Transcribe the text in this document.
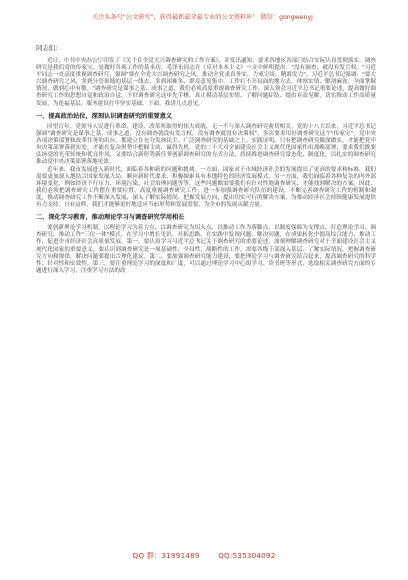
关注头条号"公文研究"，获得最新最全最专业的公文资料库！ 微信：gongwenyj
同志们：

近日，中共中央办公厅印发了《关于在全党大兴调查研究的工作方案》，并发出通知，要求各地区各部门结合实际认真贯彻落实。调查研究是我们党的传家宝，是做好各项工作的基本功。毛泽东同志在《反对本本主义》一文中鲜明提出："没有调查，就没有发言权。"习近平同志一直高度重视调查研究，强调"要在全党大兴调查研究之风，推动全党求真务实、力戒空谈、精准发力"。习近平总书记强调："要大兴调查研究之风，多到分管领域的基层一线去，多到困难多、群众意见集中、工作打不开局面的地方去，体察实情、解剖麻雀，全面掌握情况，做到心中有数。"调查研究是谋事之基、成事之道，我们必须高度重视调查研究工作。深入领会习近平总书记重要论述，提高做好调查研究工作的思想自觉和政治自觉，下好调查研究这步先手棋，真正摸清基层实情、了解问题症结、提出有益见解，切实推动工作高质量发展，为连福基层、服务建设打牢坚实基础。下面，我讲几点意见。

一、提高政治站位，深刻认识调查研究的重要意义

回望百年，党领导人民进行革命、建设、改革所取得的伟大成就，无一不与深入调查研究密切相关。党的十八大以来，习近平总书记强调"调查研究是谋事之基、成事之道，没有调查就没有发言权，没有调查就没有决策权"，多次要求用好调查研究这个"传家宝"。党中央各项决策部署和改革任务的出台，都建立在充分发扬民主、广泛调查研究的基础之上。实践证明，只有把调查研究做深做实，才能把党中央决策部署落到实处，才能在复杂形势中把握主动、赢得先机。党的二十大对全面建设社会主义现代化国家作出战略部署，要求我们既要弘扬党的光荣传统和优良作风，又要结合新形势新任务创新调查研究的方式方法，持续推进调查研究常态化、制度化，以扎实的调查研究推动党中央决策部署落地见效。

近年来，我市发展进入新时代，面临着各种新的问题和挑战。一方面，国家对于市域经济社会的发展提出了更高的要求和标准，我们需要更加深入地结合国家发展大局，顺应新时代要求，积极探索具有本地特色的经济发展模式。另一方面，我们面临着各种复杂的内外部环境变化，例如经济下行压力、环境污染、社会治理问题等等，这些问题都需要我们有针对性地调查研究，才能找到解决的方案。因此，我们必须把调查研究工作摆在重要位置，高度重视调查研究工作，进一步加强调查研究队伍的建设，不断完善调查研究工作的机制和制度，推动调查研究工作不断深入发展，深入了解实际情况、把握发展方向，提出切实可行的解决方案，为推动经济社会持续健康发展提供有力支持。只有这样，我们才能够更好地适应当前形势和发展需要，为全市的发展贡献力量。

二、深化学习教育，推动理论学习与调查研究学用相长

要创新理论学习机制，以理论学习为着力点，以调查研究为切入点，以推动工作为落脚点，以制度保障为支撑点，打造理论学习、调查研究、推动工作"三位一体"模式。在学习中增长见识、开拓思路，在实践中发现问题、解决问题，在成果转化中提高综合能力，推动工作，促进全市经济社会高质量发展。第一，要认真学习习近平总书记关于调查研究的重要论述，深刻理解调查研究对于全面建设社会主义现代化国家的重要意义，要认识到调查研究是一项基础性、全局性、战略性的工作，需要各级干部深入基层、了解实际情况、把握调查研究方向和规律，解决问题要提出合理化建议。第二，要加强调查研究能力建设，要把理论学习与调查研究结合起来，提高调查研究的科学性、针对性和实效性。第三，要注重理论学习的深度和广度，可以通过理论学习中心组学习、读书班等形式，选取相关调查研究方面的专题进行深入学习，注重学习方法的改

QQ 群：31991489	QQ:535304092
